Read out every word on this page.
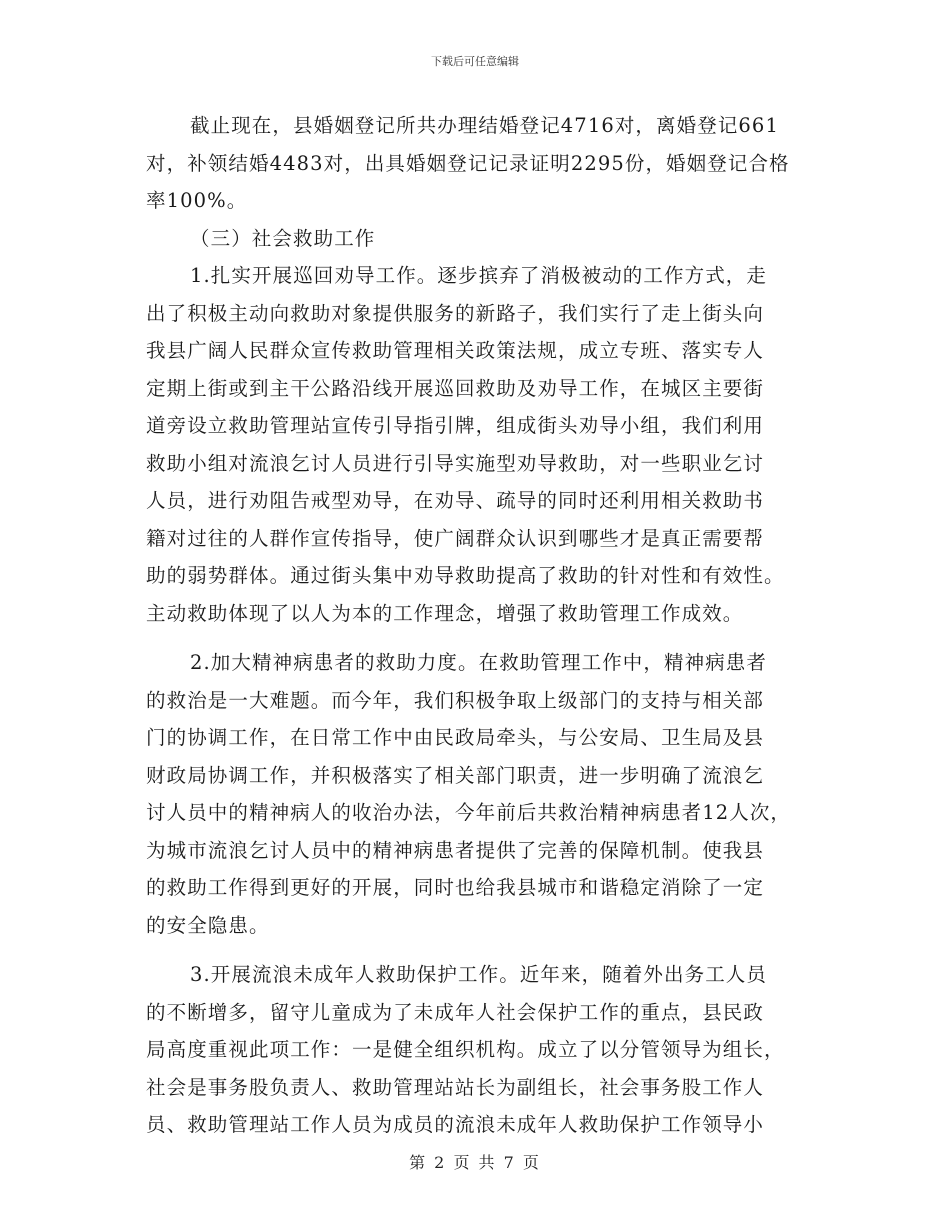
下载后可任意编辑
截止现在，县婚姻登记所共办理结婚登记4716对，离婚登记661
对，补领结婚4483对，出具婚姻登记记录证明2295份，婚姻登记合格
率100%。
（三）社会救助工作
1.扎实开展巡回劝导工作。逐步摈弃了消极被动的工作方式，走
出了积极主动向救助对象提供服务的新路子，我们实行了走上街头向
我县广阔人民群众宣传救助管理相关政策法规，成立专班、落实专人
定期上街或到主干公路沿线开展巡回救助及劝导工作，在城区主要街
道旁设立救助管理站宣传引导指引牌，组成街头劝导小组，我们利用
救助小组对流浪乞讨人员进行引导实施型劝导救助，对一些职业乞讨
人员，进行劝阻告戒型劝导，在劝导、疏导的同时还利用相关救助书
籍对过往的人群作宣传指导，使广阔群众认识到哪些才是真正需要帮
助的弱势群体。通过街头集中劝导救助提高了救助的针对性和有效性。
主动救助体现了以人为本的工作理念，增强了救助管理工作成效。
2.加大精神病患者的救助力度。在救助管理工作中，精神病患者
的救治是一大难题。而今年，我们积极争取上级部门的支持与相关部
门的协调工作，在日常工作中由民政局牵头，与公安局、卫生局及县
财政局协调工作，并积极落实了相关部门职责，进一步明确了流浪乞
讨人员中的精神病人的收治办法，今年前后共救治精神病患者12人次，
为城市流浪乞讨人员中的精神病患者提供了完善的保障机制。使我县
的救助工作得到更好的开展，同时也给我县城市和谐稳定消除了一定
的安全隐患。
3.开展流浪未成年人救助保护工作。近年来，随着外出务工人员
的不断增多，留守儿童成为了未成年人社会保护工作的重点，县民政
局高度重视此项工作：一是健全组织机构。成立了以分管领导为组长，
社会是事务股负责人、救助管理站站长为副组长，社会事务股工作人
员、救助管理站工作人员为成员的流浪未成年人救助保护工作领导小
第 2 页 共 7 页
